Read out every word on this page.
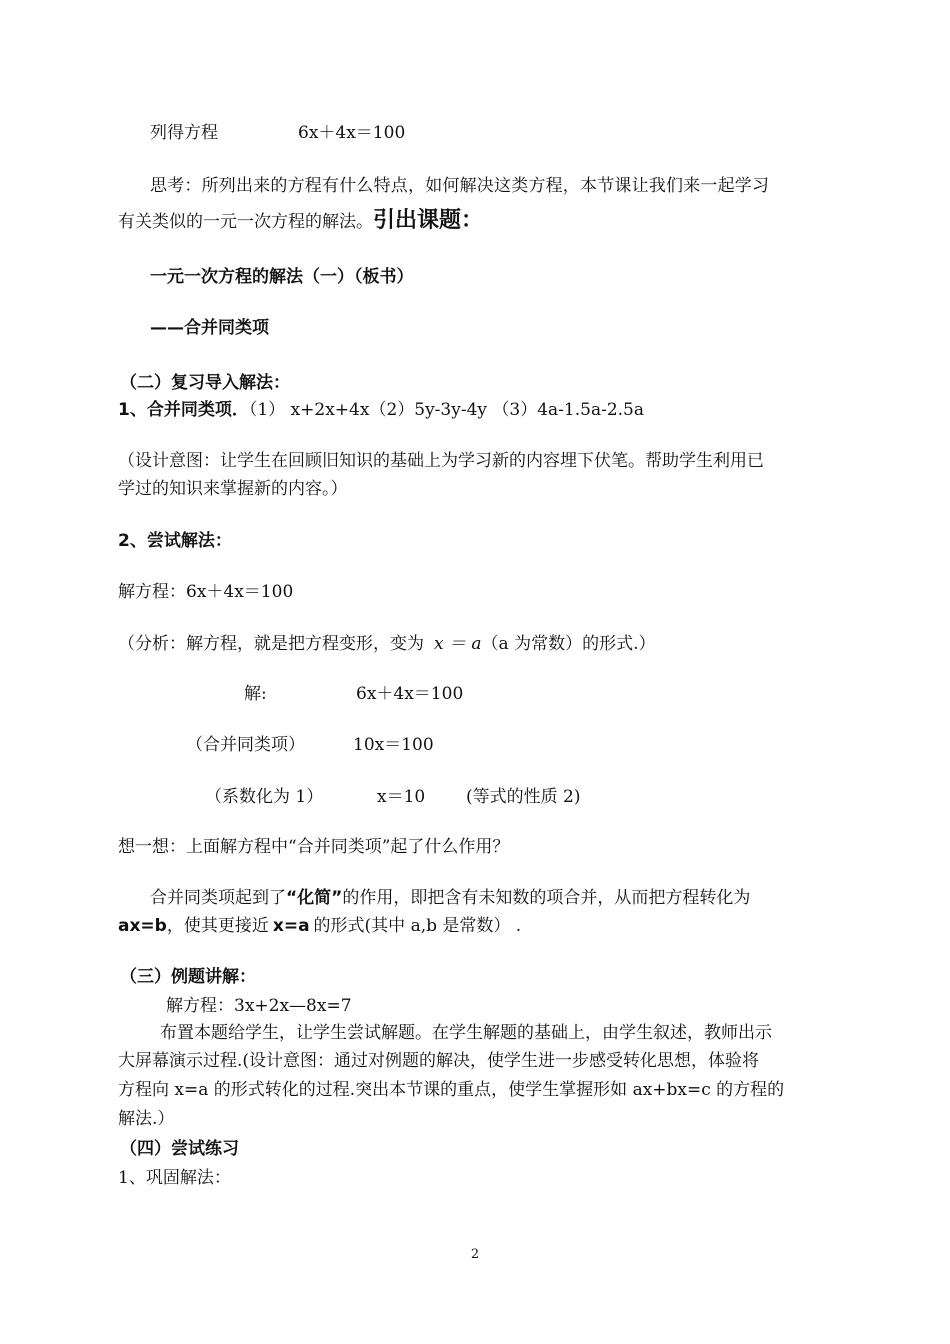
列得方程	6x＋4x＝100
思考：所列出来的方程有什么特点，如何解决这类方程，本节课让我们来一起学习
有关类似的一元一次方程的解法。引出课题：
一元一次方程的解法（一）（板书）
——合并同类项
（二）复习导入解法：
1、合并同类项．（1） x+2x+4x（2）5y-3y-4y （3）4a-1.5a-2.5a
（设计意图：让学生在回顾旧知识的基础上为学习新的内容埋下伏笔。帮助学生利用已
学过的知识来掌握新的内容。）
2、尝试解法：
解方程：6x＋4x＝100
（分析：解方程，就是把方程变形，变为 x ＝ a（a 为常数）的形式.）
解:	6x＋4x＝100
（合并同类项）	10x＝100
（系数化为 1）	x＝10 (等式的性质 2)
想一想：上面解方程中“合并同类项”起了什么作用？
合并同类项起到了“化简”的作用，即把含有未知数的项合并，从而把方程转化为
ax=b，使其更接近 x=a 的形式(其中 a,b 是常数） .
（三）例题讲解：
解方程：3x+2x—8x=7
布置本题给学生，让学生尝试解题。在学生解题的基础上，由学生叙述，教师出示
大屏幕演示过程.(设计意图：通过对例题的解决，使学生进一步感受转化思想，体验将
方程向 x=a 的形式转化的过程.突出本节课的重点，使学生掌握形如 ax+bx=c 的方程的
解法.）
（四）尝试练习
1、巩固解法：
2
